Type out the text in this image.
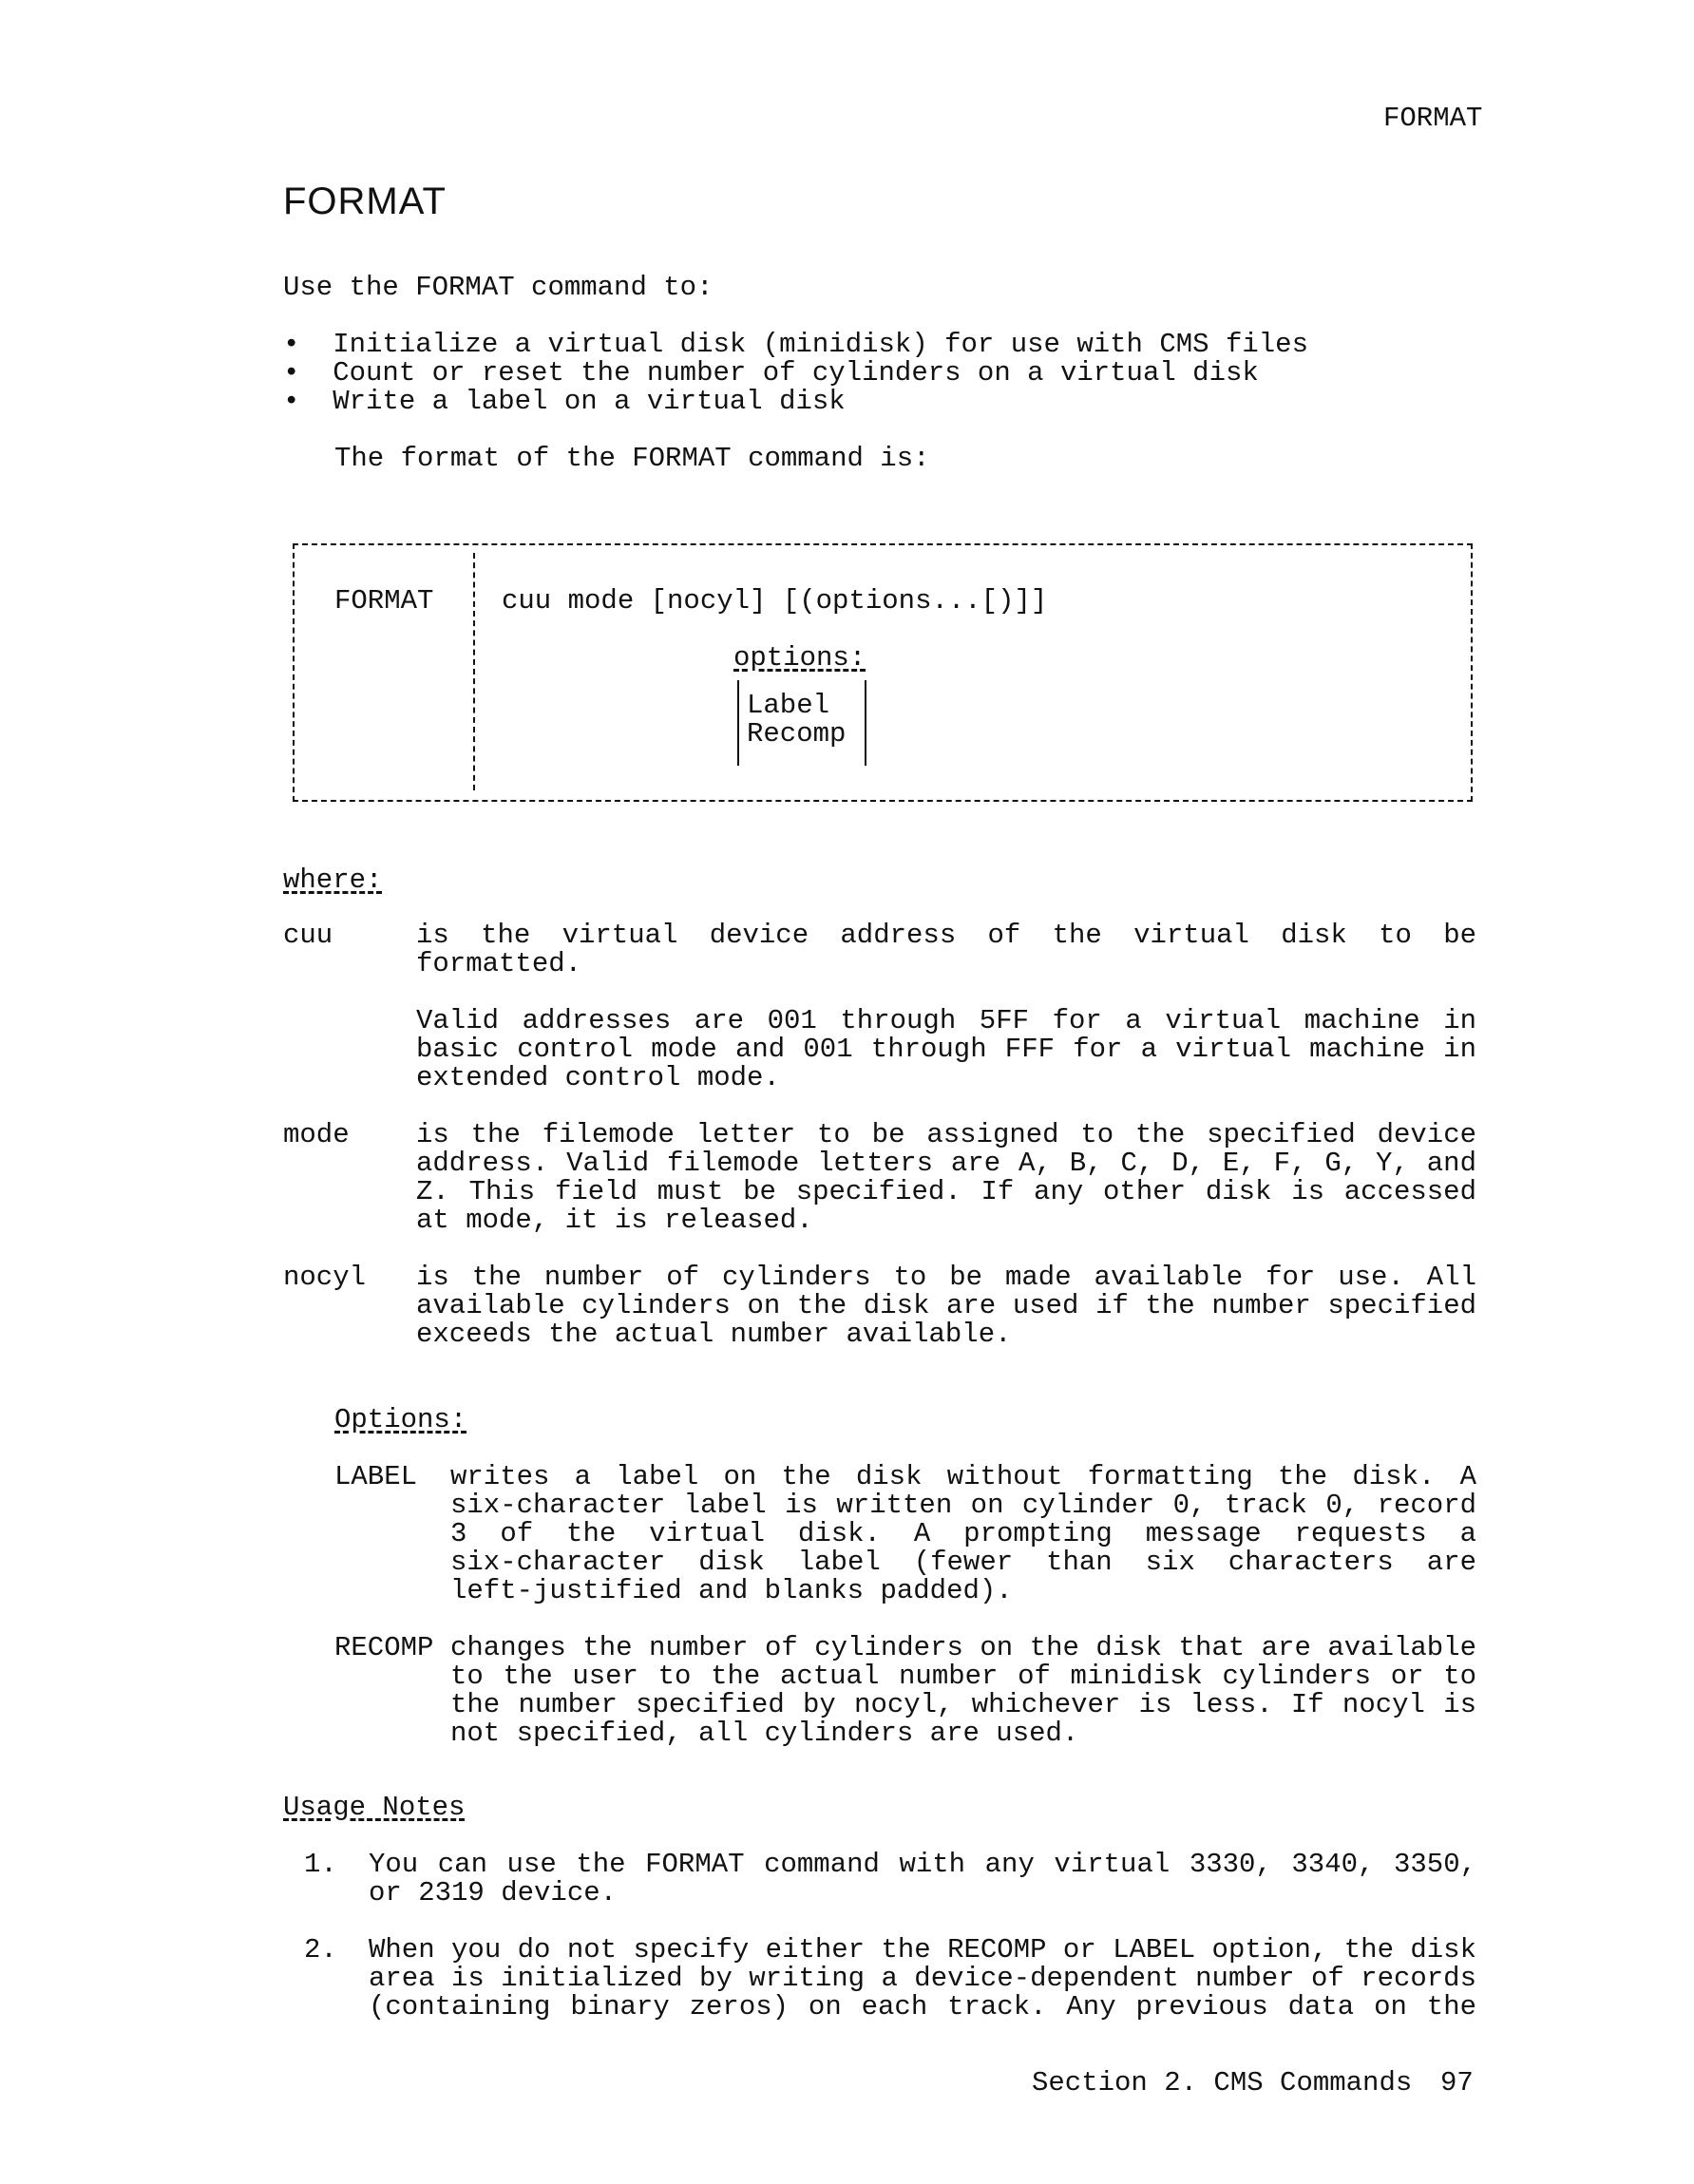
FORMAT
FORMAT
Use the FORMAT command to:
•  Initialize a virtual disk (minidisk) for use with CMS files
•  Count or reset the number of cylinders on a virtual disk
•  Write a label on a virtual disk
The format of the FORMAT command is:
FORMAT cuu mode [nocyl] [(options...[)]]
options:
Label
Recomp
where:
cuu	is the virtual device address of the virtual disk to be
formatted.
Valid addresses are 001 through 5FF for a virtual machine in
basic control mode and 001 through FFF for a virtual machine in
extended control mode.
mode is the filemode letter to be assigned to the specified device
address. Valid filemode letters are A, B, C, D, E, F, G, Y, and
Z. This field must be specified. If any other disk is accessed
at mode, it is released.
nocyl is the number of cylinders to be made available for use. All
available cylinders on the disk are used if the number specified
exceeds the actual number available.
Options:
LABEL writes a label on the disk without formatting the disk. A
six-character label is written on cylinder 0, track 0, record
3 of the virtual disk. A prompting message requests a
six-character disk label (fewer than six characters are
left-justified and blanks padded).
RECOMP changes the number of cylinders on the disk that are available
to the user to the actual number of minidisk cylinders or to
the number specified by nocyl, whichever is less. If nocyl is
not specified, all cylinders are used.
Usage Notes
1. You can use the FORMAT command with any virtual 3330, 3340, 3350,
or 2319 device.
2. When you do not specify either the RECOMP or LABEL option, the disk
area is initialized by writing a device-dependent number of records
(containing binary zeros) on each track. Any previous data on the
Section 2. CMS Commands 97
